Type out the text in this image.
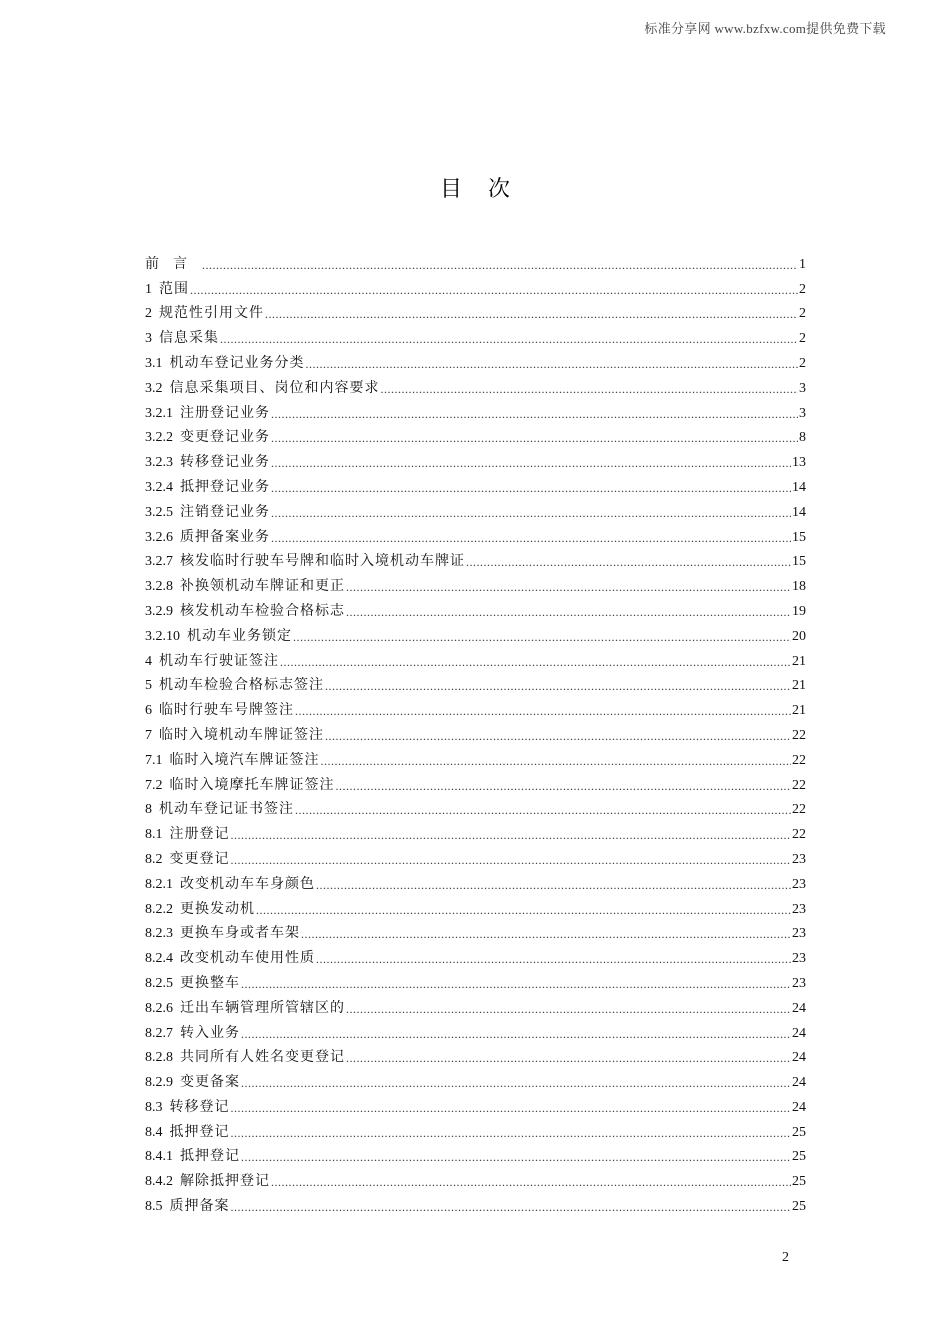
标准分享网 www.bzfxw.com提供免费下载
目次
前言 .....	1
1 范围 .....	2
2 规范性引用文件 .....	2
3 信息采集 .....	2
3.1 机动车登记业务分类 .....	2
3.2 信息采集项目、岗位和内容要求 .....	3
3.2.1 注册登记业务 .....	3
3.2.2 变更登记业务 .....	8
3.2.3 转移登记业务 .....	13
3.2.4 抵押登记业务 .....	14
3.2.5 注销登记业务 .....	14
3.2.6 质押备案业务 .....	15
3.2.7 核发临时行驶车号牌和临时入境机动车牌证 .....	15
3.2.8 补换领机动车牌证和更正 .....	18
3.2.9 核发机动车检验合格标志 .....	19
3.2.10 机动车业务锁定 .....	20
4 机动车行驶证签注 .....	21
5 机动车检验合格标志签注 .....	21
6 临时行驶车号牌签注 .....	21
7 临时入境机动车牌证签注 .....	22
7.1 临时入境汽车牌证签注 .....	22
7.2 临时入境摩托车牌证签注 .....	22
8 机动车登记证书签注 .....	22
8.1 注册登记 .....	22
8.2 变更登记 .....	23
8.2.1 改变机动车车身颜色 .....	23
8.2.2 更换发动机 .....	23
8.2.3 更换车身或者车架 .....	23
8.2.4 改变机动车使用性质 .....	23
8.2.5 更换整车 .....	23
8.2.6 迁出车辆管理所管辖区的 .....	24
8.2.7 转入业务 .....	24
8.2.8 共同所有人姓名变更登记 .....	24
8.2.9 变更备案 .....	24
8.3 转移登记 .....	24
8.4 抵押登记 .....	25
8.4.1 抵押登记 .....	25
8.4.2 解除抵押登记 .....	25
8.5 质押备案 .....	25
2
